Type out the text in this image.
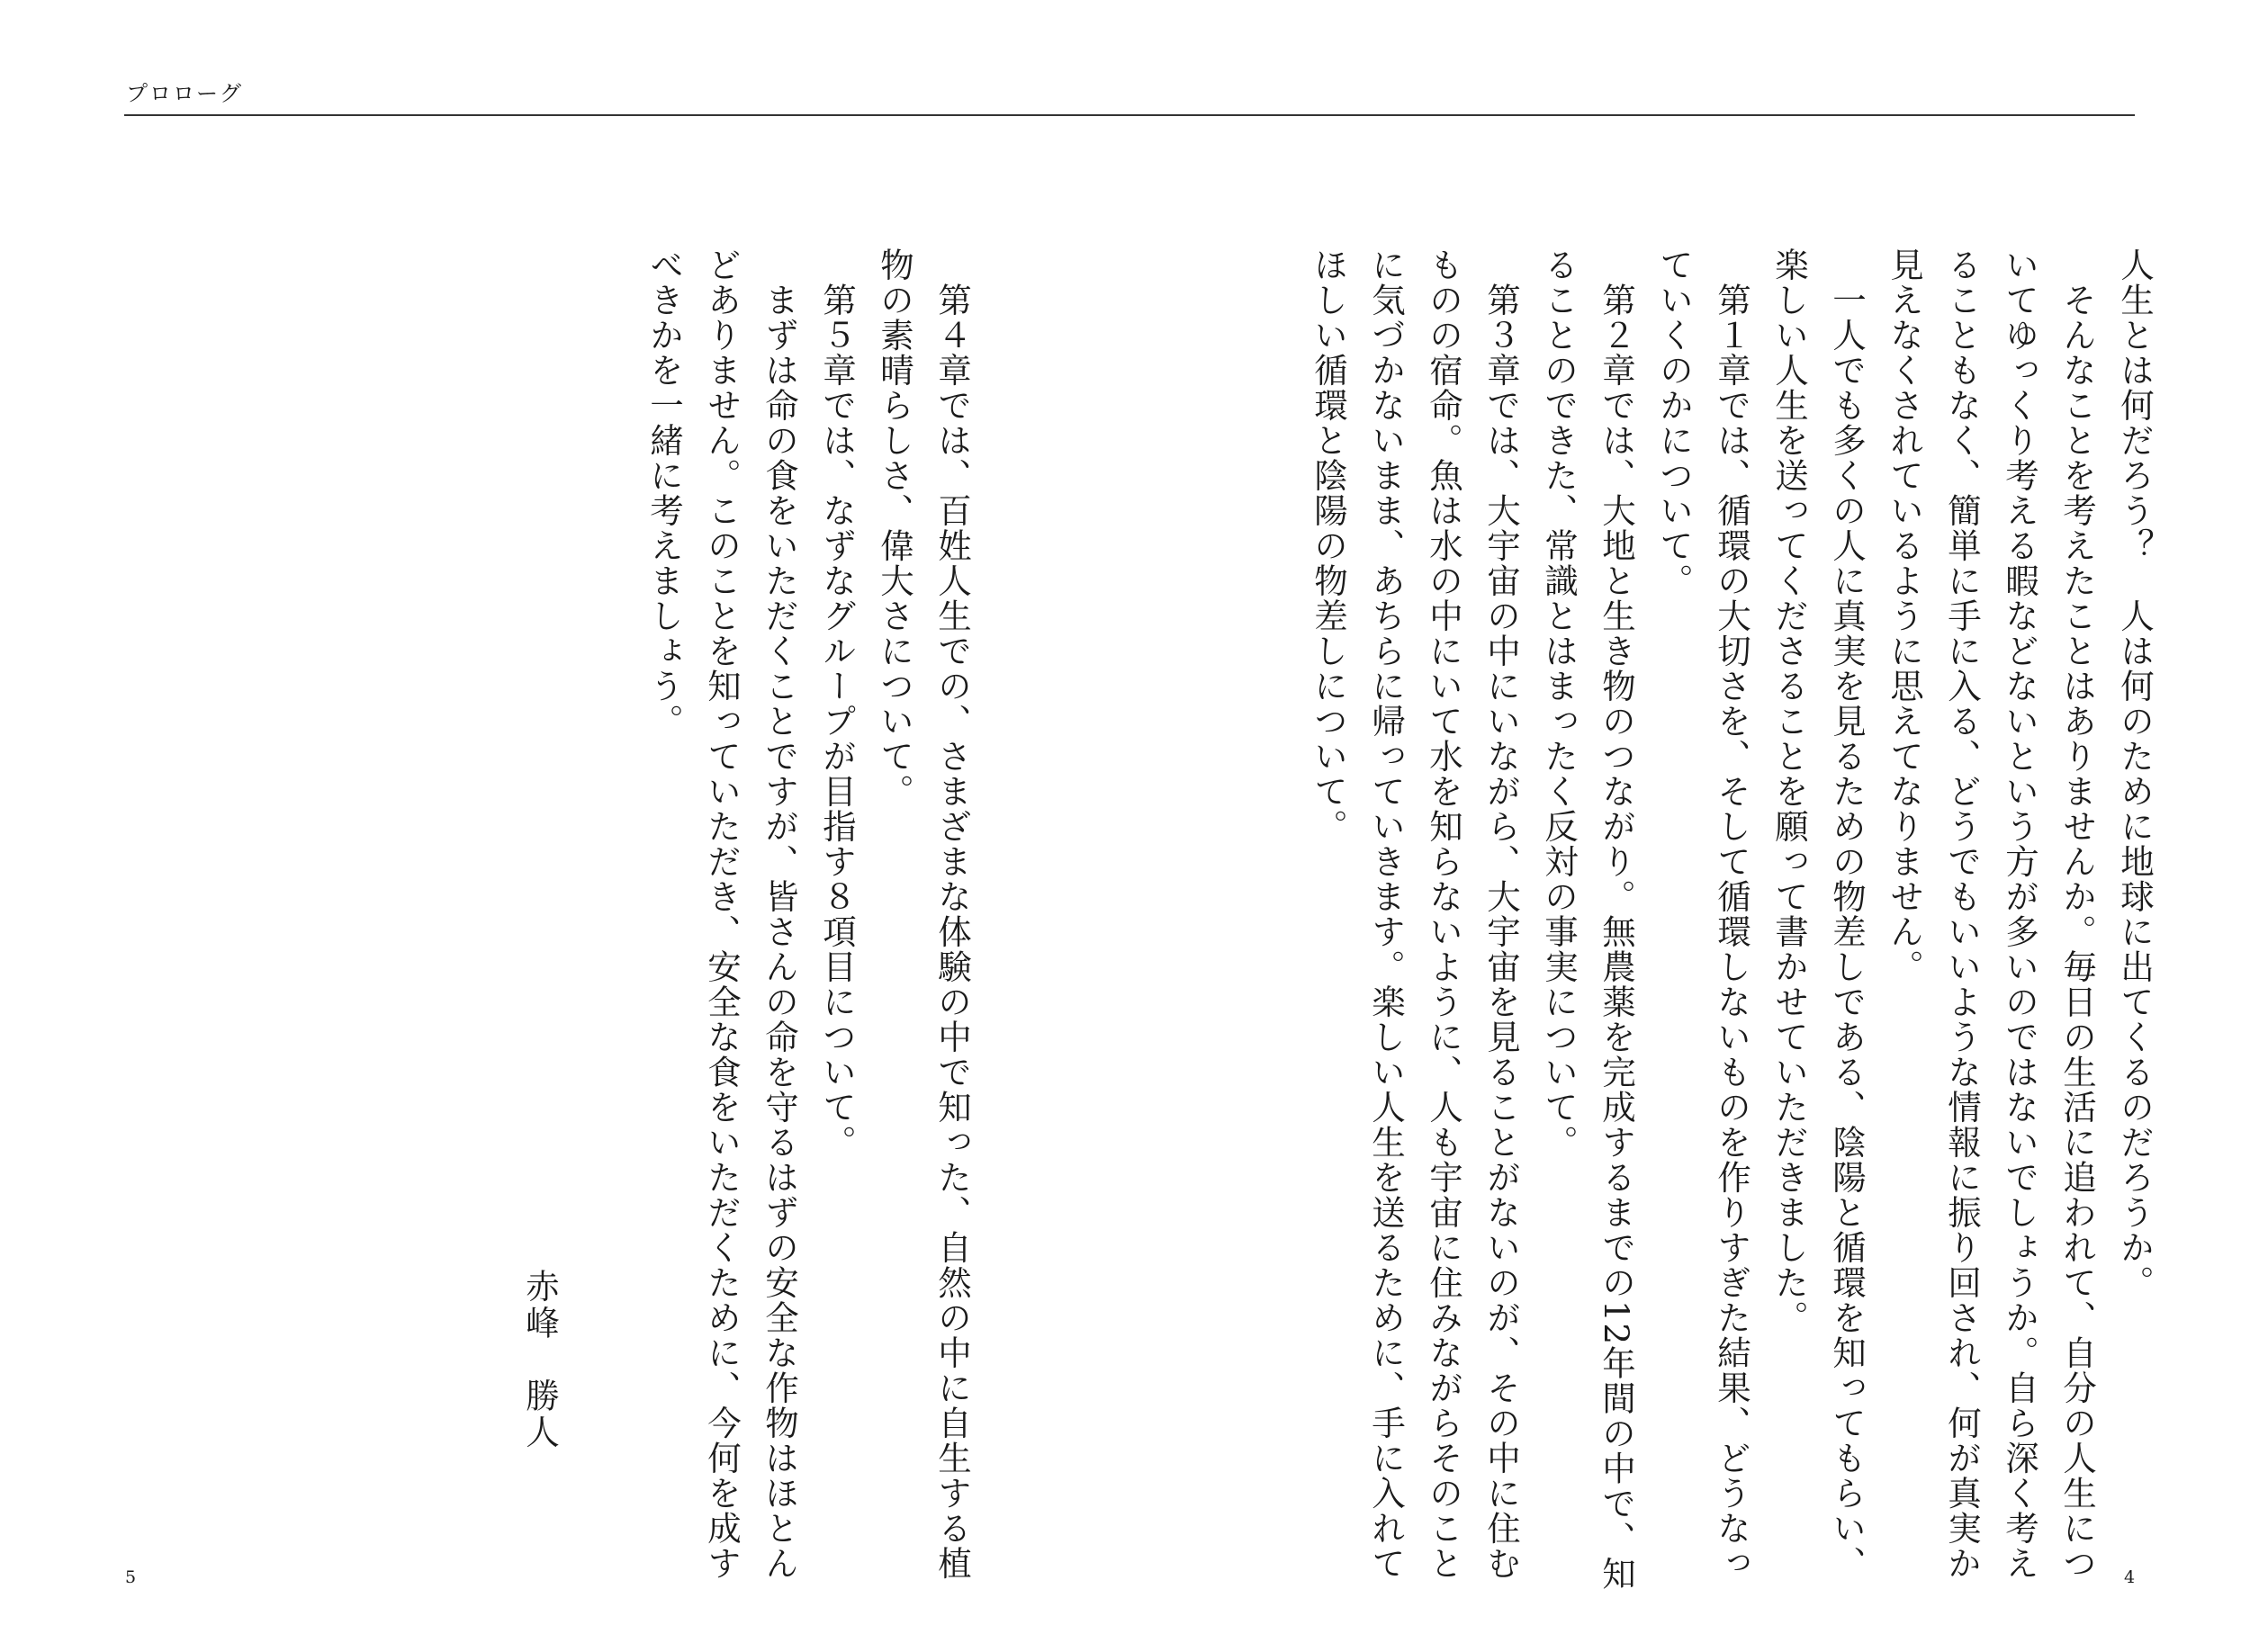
プロローグ
人生とは何だろう？　人は何のために地球に出てくるのだろうか。
　そんなことを考えたことはありませんか。毎日の生活に追われて、自分の人生につ
いてゆっくり考える暇などないという方が多いのではないでしょうか。自ら深く考え
ることもなく、簡単に手に入る、どうでもいいような情報に振り回され、何が真実か
見えなくされているように思えてなりません。
　一人でも多くの人に真実を見るための物差しである、陰陽と循環を知ってもらい、
楽しい人生を送ってくださることを願って書かせていただきました。
　第１章では、循環の大切さを、そして循環しないものを作りすぎた結果、どうなっ
ていくのかについて。
　第２章では、大地と生き物のつながり。無農薬を完成するまでの12年間の中で、知
ることのできた、常識とはまったく反対の事実について。
　第３章では、大宇宙の中にいながら、大宇宙を見ることがないのが、その中に住む
ものの宿命。魚は水の中にいて水を知らないように、人も宇宙に住みながらそのこと
に気づかないまま、あちらに帰っていきます。楽しい人生を送るために、手に入れて
ほしい循環と陰陽の物差しについて。
　第４章では、百姓人生での、さまざまな体験の中で知った、自然の中に自生する植
物の素晴らしさ、偉大さについて。
　第５章では、なずなグループが目指す８項目について。
　まずは命の食をいただくことですが、皆さんの命を守るはずの安全な作物はほとん
どありません。このことを知っていただき、安全な食をいただくために、今何を成す
べきかを一緒に考えましょう。
赤峰　勝人
5	4
